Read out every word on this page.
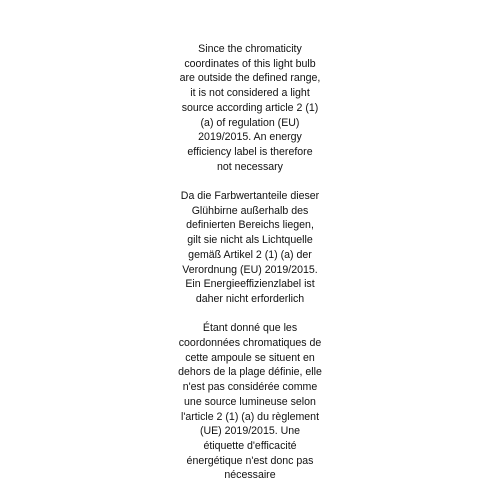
Since the chromaticity
coordinates of this light bulb
are outside the defined range,
it is not considered a light
source according article 2 (1)
(a) of regulation (EU)
2019/2015. An energy
efficiency label is therefore
not necessary
Da die Farbwertanteile dieser
Glühbirne außerhalb des
definierten Bereichs liegen,
gilt sie nicht als Lichtquelle
gemäß Artikel 2 (1) (a) der
Verordnung (EU) 2019/2015.
Ein Energieeffizienzlabel ist
daher nicht erforderlich
Étant donné que les
coordonnées chromatiques de
cette ampoule se situent en
dehors de la plage définie, elle
n'est pas considérée comme
une source lumineuse selon
l'article 2 (1) (a) du règlement
(UE) 2019/2015. Une
étiquette d'efficacité
énergétique n'est donc pas
nécessaire
